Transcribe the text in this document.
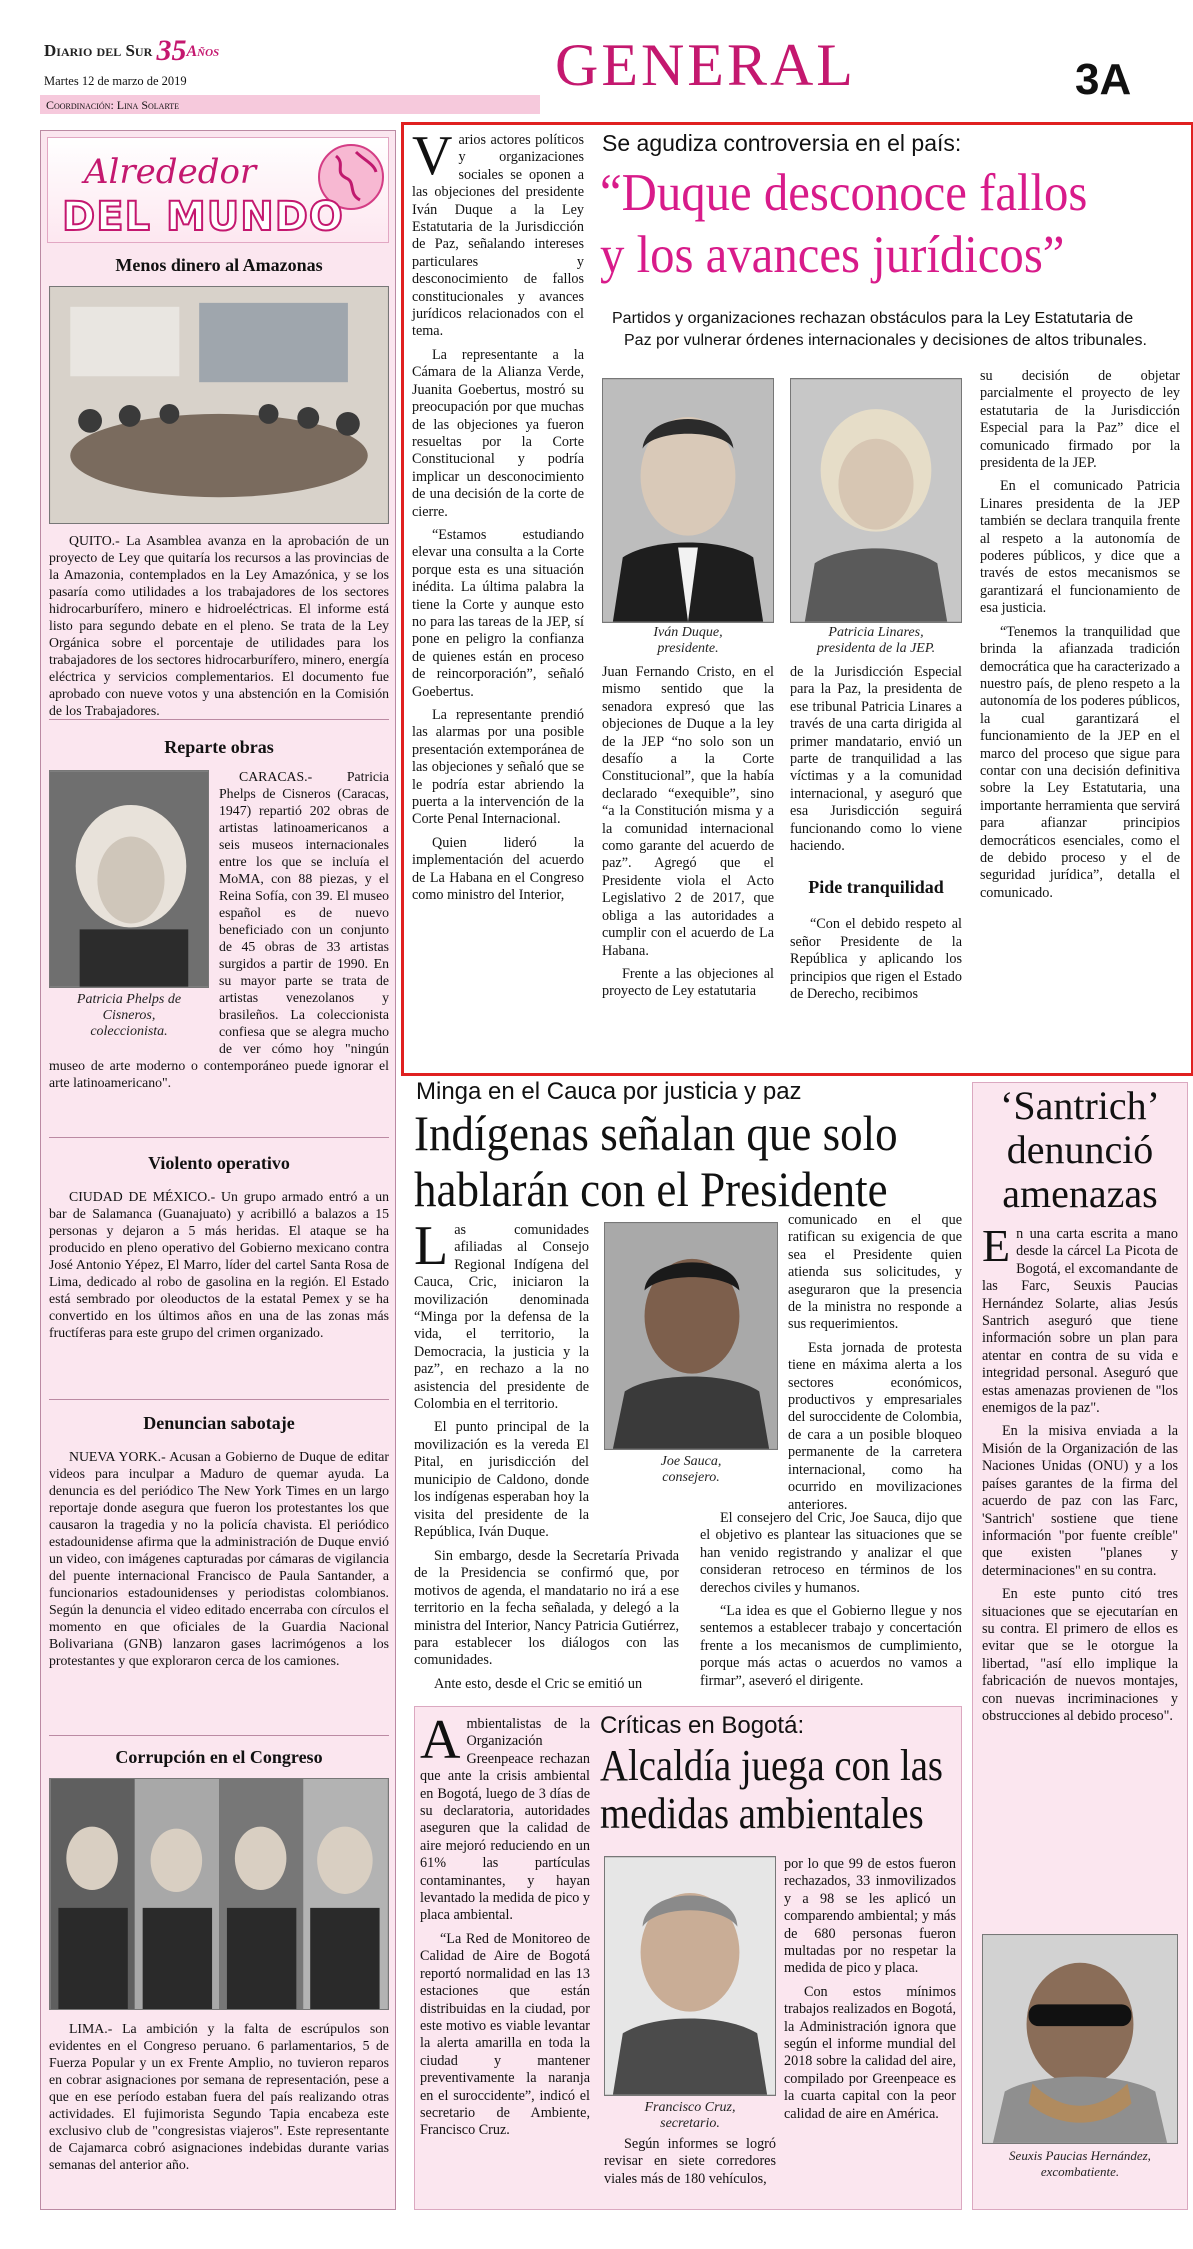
Diario del Sur 35Años
Martes 12 de marzo de 2019
Coordinación: Lina Solarte
GENERAL	3A
Alrededor
DEL MUNDO
Menos dinero al Amazonas

QUITO.- La Asamblea avanza en la aprobación de un proyecto de Ley que quitaría los recursos a las provincias de la Amazonia, contemplados en la Ley Amazónica, y se los pasaría como utilidades a los trabajadores de los sectores hidrocarburífero, minero e hidroeléctricas. El informe está listo para segundo debate en el pleno. Se trata de la Ley Orgánica sobre el porcentaje de utilidades para los trabajadores de los sectores hidrocarburífero, minero, energía eléctrica y servicios complementarios. El documento fue aprobado con nueve votos y una abstención en la Comisión de los Trabajadores.

Reparte obras
Patricia Phelps de Cisneros,
coleccionista.

CARACAS.- Patricia Phelps de Cisneros (Caracas, 1947) repartió 202 obras de artistas latinoamericanos a seis museos internacionales entre los que se incluía el MoMA, con 88 piezas, y el Reina Sofía, con 39. El museo español es de nuevo beneficiado con un conjunto de 45 obras de 33 artistas surgidos a partir de 1990. En su mayor parte se trata de artistas venezolanos y brasileños. La coleccionista confiesa que se alegra mucho de ver cómo hoy "ningún museo de arte moderno o contemporáneo puede ignorar el arte latinoamericano".

Violento operativo

CIUDAD DE MÉXICO.- Un grupo armado entró a un bar de Salamanca (Guanajuato) y acribilló a balazos a 15 personas y dejaron a 5 más heridas. El ataque se ha producido en pleno operativo del Gobierno mexicano contra José Antonio Yépez, El Marro, líder del cartel Santa Rosa de Lima, dedicado al robo de gasolina en la región. El Estado está sembrado por oleoductos de la estatal Pemex y se ha convertido en los últimos años en una de las zonas más fructíferas para este grupo del crimen organizado.

Denuncian sabotaje

NUEVA YORK.- Acusan a Gobierno de Duque de editar videos para inculpar a Maduro de quemar ayuda. La denuncia es del periódico The New York Times en un largo reportaje donde asegura que fueron los protestantes los que causaron la tragedia y no la policía chavista. El periódico estadounidense afirma que la administración de Duque envió un video, con imágenes capturadas por cámaras de vigilancia del puente internacional Francisco de Paula Santander, a funcionarios estadounidenses y periodistas colombianos. Según la denuncia el video editado encerraba con círculos el momento en que oficiales de la Guardia Nacional Bolivariana (GNB) lanzaron gases lacrimógenos a los protestantes y que exploraron cerca de los camiones.

Corrupción en el Congreso

LIMA.- La ambición y la falta de escrúpulos son evidentes en el Congreso peruano. 6 parlamentarios, 5 de Fuerza Popular y un ex Frente Amplio, no tuvieron reparos en cobrar asignaciones por semana de representación, pese a que en ese período estaban fuera del país realizando otras actividades. El fujimorista Segundo Tapia encabeza este exclusivo club de "congresistas viajeros". Este representante de Cajamarca cobró asignaciones indebidas durante varias semanas del anterior año.

V arios actores políticos y organizaciones sociales se oponen a las objeciones del presidente Iván Duque a la Ley Estatutaria de la Jurisdicción de Paz, señalando intereses particulares y desconocimiento de fallos constitucionales y avances jurídicos relacionados con el tema.

La representante a la Cámara de la Alianza Verde, Juanita Goebertus, mostró su preocupación por que muchas de las objeciones ya fueron resueltas por la Corte Constitucional y podría implicar un desconocimiento de una decisión de la corte de cierre.

“Estamos estudiando elevar una consulta a la Corte porque esta es una situación inédita. La última palabra la tiene la Corte y aunque esto no para las tareas de la JEP, sí pone en peligro la confianza de quienes están en proceso de reincorporación”, señaló Goebertus.

La representante prendió las alarmas por una posible presentación extemporánea de las objeciones y señaló que se le podría estar abriendo la puerta a la intervención de la Corte Penal Internacional.

Quien lideró la implementación del acuerdo de La Habana en el Congreso como ministro del Interior,

Se agudiza controversia en el país:
“Duque desconoce fallos
y los avances jurídicos”
Partidos y organizaciones rechazan obstáculos para la Ley Estatutaria de
Paz por vulnerar órdenes internacionales y decisiones de altos tribunales.
Iván Duque,
presidente.
Patricia Linares,
presidenta de la JEP.

Juan Fernando Cristo, en el mismo sentido que la senadora expresó que las objeciones de Duque a la ley de la JEP “no solo son un desafío a la Corte Constitucional”, que la había declarado “exequible”, sino “a la Constitución misma y a la comunidad internacional como garante del acuerdo de paz”. Agregó que el Presidente viola el Acto Legislativo 2 de 2017, que obliga a las autoridades a cumplir con el acuerdo de La Habana.

Frente a las objeciones al proyecto de Ley estatutaria

de la Jurisdicción Especial para la Paz, la presidenta de ese tribunal Patricia Linares a través de una carta dirigida al primer mandatario, envió un parte de tranquilidad a las víctimas y a la comunidad internacional, y aseguró que esa Jurisdicción seguirá funcionando como lo viene haciendo.

Pide tranquilidad

“Con el debido respeto al señor Presidente de la República y aplicando los principios que rigen el Estado de Derecho, recibimos

su decisión de objetar parcialmente el proyecto de ley estatutaria de la Jurisdicción Especial para la Paz” dice el comunicado firmado por la presidenta de la JEP.

En el comunicado Patricia Linares presidenta de la JEP también se declara tranquila frente al respeto a la autonomía de poderes públicos, y dice que a través de estos mecanismos se garantizará el funcionamiento de esa justicia.

“Tenemos la tranquilidad que brinda la afianzada tradición democrática que ha caracterizado a nuestro país, de pleno respeto a la autonomía de los poderes públicos, la cual garantizará el funcionamiento de la JEP en el marco del proceso que sigue para contar con una decisión definitiva sobre la Ley Estatutaria, una importante herramienta que servirá para afianzar principios democráticos esenciales, como el de debido proceso y el de seguridad jurídica”, detalla el comunicado.

Minga en el Cauca por justicia y paz
Indígenas señalan que solo
hablarán con el Presidente
L as comunidades afiliadas al Consejo Regional Indígena del Cauca, Cric, iniciaron la movilización denominada “Minga por la defensa de la vida, el territorio, la Democracia, la justicia y la paz”, en rechazo a la no asistencia del presidente de Colombia en el territorio.

El punto principal de la movilización es la vereda El Pital, en jurisdicción del municipio de Caldono, donde los indígenas esperaban hoy la visita del presidente de la República, Iván Duque.

Sin embargo, desde la Secretaría Privada de la Presidencia se confirmó que, por motivos de agenda, el mandatario no irá a ese territorio en la fecha señalada, y delegó a la ministra del Interior, Nancy Patricia Gutiérrez, para establecer los diálogos con las comunidades.

Ante esto, desde el Cric se emitió un

Joe Sauca,
consejero.

comunicado en el que ratifican su exigencia de que sea el Presidente quien atienda sus solicitudes, y aseguraron que la presencia de la ministra no responde a sus requerimientos.

Esta jornada de protesta tiene en máxima alerta a los sectores económicos, productivos y empresariales del suroccidente de Colombia, de cara a un posible bloqueo permanente de la carretera internacional, como ha ocurrido en movilizaciones anteriores.

El consejero del Cric, Joe Sauca, dijo que el objetivo es plantear las situaciones que se han venido registrando y analizar el que consideran retroceso en términos de los derechos civiles y humanos.

“La idea es que el Gobierno llegue y nos sentemos a establecer trabajo y concertación frente a los mecanismos de cumplimiento, porque más actas o acuerdos no vamos a firmar”, aseveró el dirigente.

A mbientalistas de la Organización Greenpeace rechazan que ante la crisis ambiental en Bogotá, luego de 3 días de su declaratoria, autoridades aseguren que la calidad de aire mejoró reduciendo en un 61% las partículas contaminantes, y hayan levantado la medida de pico y placa ambiental.

“La Red de Monitoreo de Calidad de Aire de Bogotá reportó normalidad en las 13 estaciones que están distribuidas en la ciudad, por este motivo es viable levantar la alerta amarilla en toda la ciudad y mantener preventivamente la naranja en el suroccidente”, indicó el secretario de Ambiente, Francisco Cruz.

Críticas en Bogotá:
Alcaldía juega con las
medidas ambientales
Francisco Cruz,
secretario.

Según informes se logró revisar en siete corredores viales más de 180 vehículos,

por lo que 99 de estos fueron rechazados, 33 inmovilizados y a 98 se les aplicó un comparendo ambiental; y más de 680 personas fueron multadas por no respetar la medida de pico y placa.

Con estos mínimos trabajos realizados en Bogotá, la Administración ignora que según el informe mundial del 2018 sobre la calidad del aire, compilado por Greenpeace es la cuarta capital con la peor calidad de aire en América.

‘Santrich’
denunció
amenazas
E n una carta escrita a mano desde la cárcel La Picota de Bogotá, el excomandante de las Farc, Seuxis Paucias Hernández Solarte, alias Jesús Santrich aseguró que tiene información sobre un plan para atentar en contra de su vida e integridad personal. Aseguró que estas amenazas provienen de "los enemigos de la paz".

En la misiva enviada a la Misión de la Organización de las Naciones Unidas (ONU) y a los países garantes de la firma del acuerdo de paz con las Farc, 'Santrich' sostiene que tiene información "por fuente creíble" que existen "planes y determinaciones" en su contra.

En este punto citó tres situaciones que se ejecutarían en su contra. El primero de ellos es evitar que se le otorgue la libertad, "así ello implique la fabricación de nuevos montajes, con nuevas incriminaciones y obstrucciones al debido proceso".

Seuxis Paucias Hernández,
excombatiente.
